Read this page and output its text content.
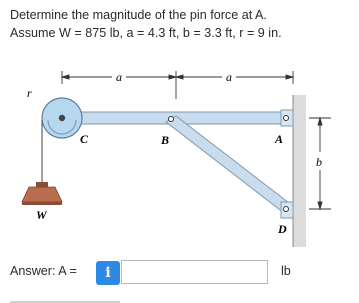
Determine the magnitude of the pin force at A.
Assume W = 875 lb, a = 4.3 ft, b = 3.3 ft, r = 9 in.
a	a
r
W
C	B	A
D
b
Answer: A =	i	lb
